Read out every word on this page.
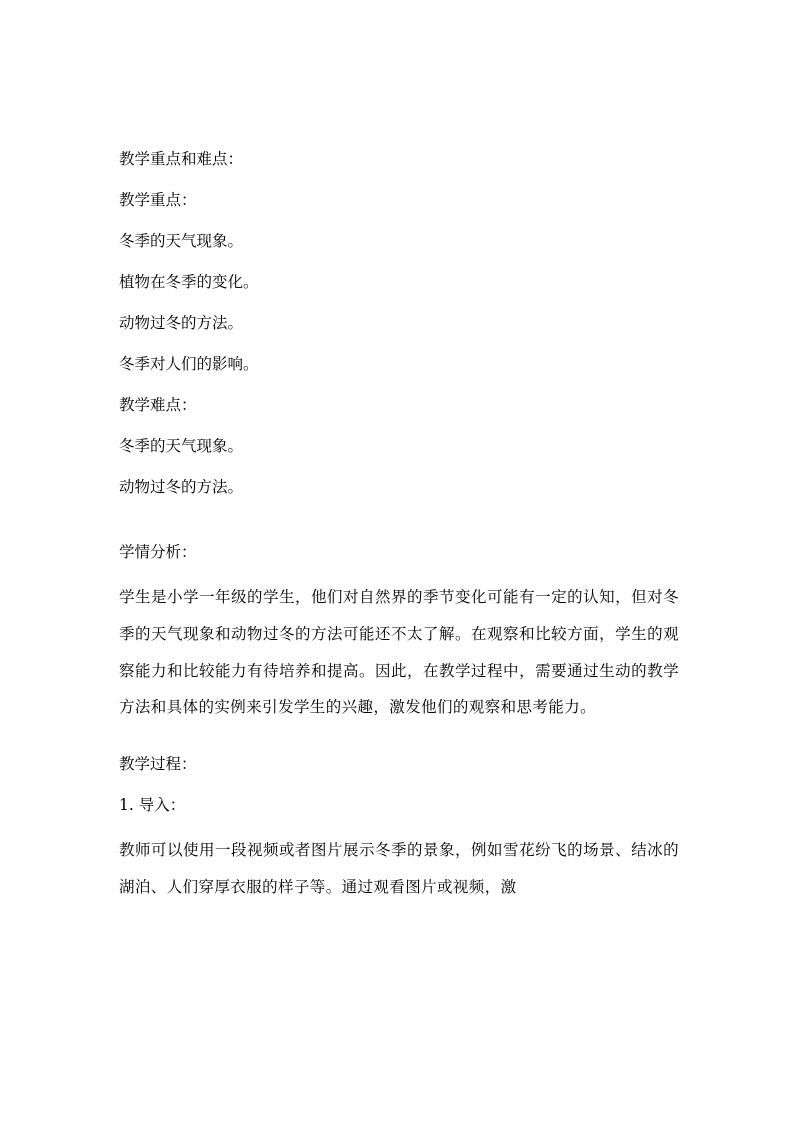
教学重点和难点：
教学重点：
冬季的天气现象。
植物在冬季的变化。
动物过冬的方法。
冬季对人们的影响。
教学难点：
冬季的天气现象。
动物过冬的方法。
学情分析：

学生是小学一年级的学生，他们对自然界的季节变化可能有一定的认知，但对冬季的天气现象和动物过冬的方法可能还不太了解。在观察和比较方面，学生的观察能力和比较能力有待培养和提高。因此，在教学过程中，需要通过生动的教学方法和具体的实例来引发学生的兴趣，激发他们的观察和思考能力。

教学过程：
1. 导入：

教师可以使用一段视频或者图片展示冬季的景象，例如雪花纷飞的场景、结冰的湖泊、人们穿厚衣服的样子等。通过观看图片或视频，激
